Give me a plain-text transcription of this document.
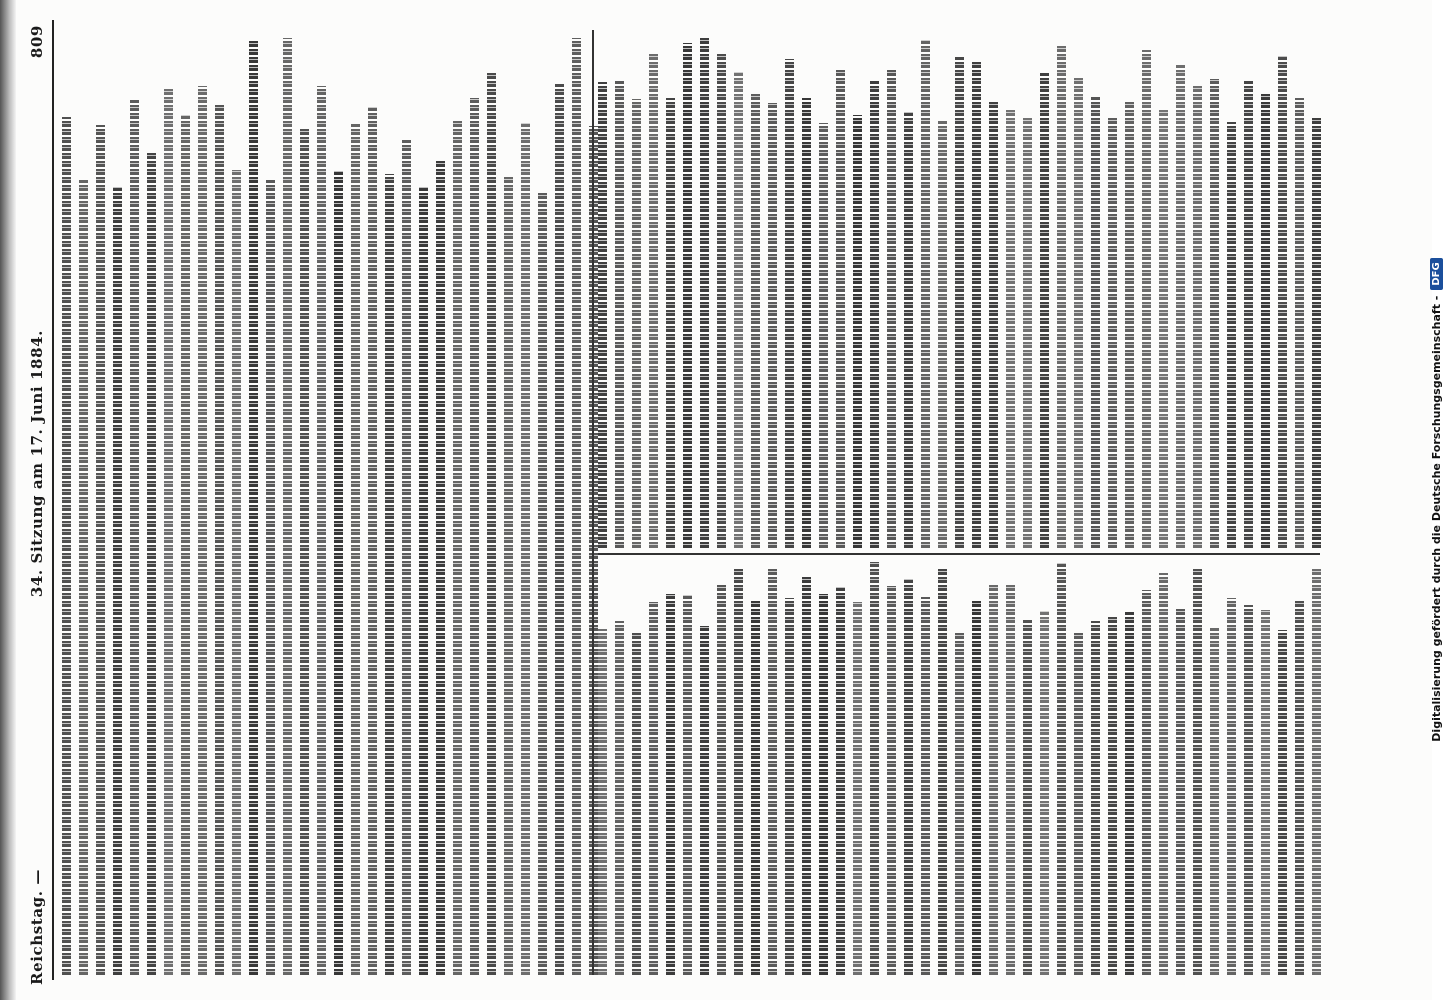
Reichstag. —
34. Sitzung am 17. Juni 1884.
809
Digitalisierung gefördert durch die Deutsche Forschungsgemeinschaft -
DFG
